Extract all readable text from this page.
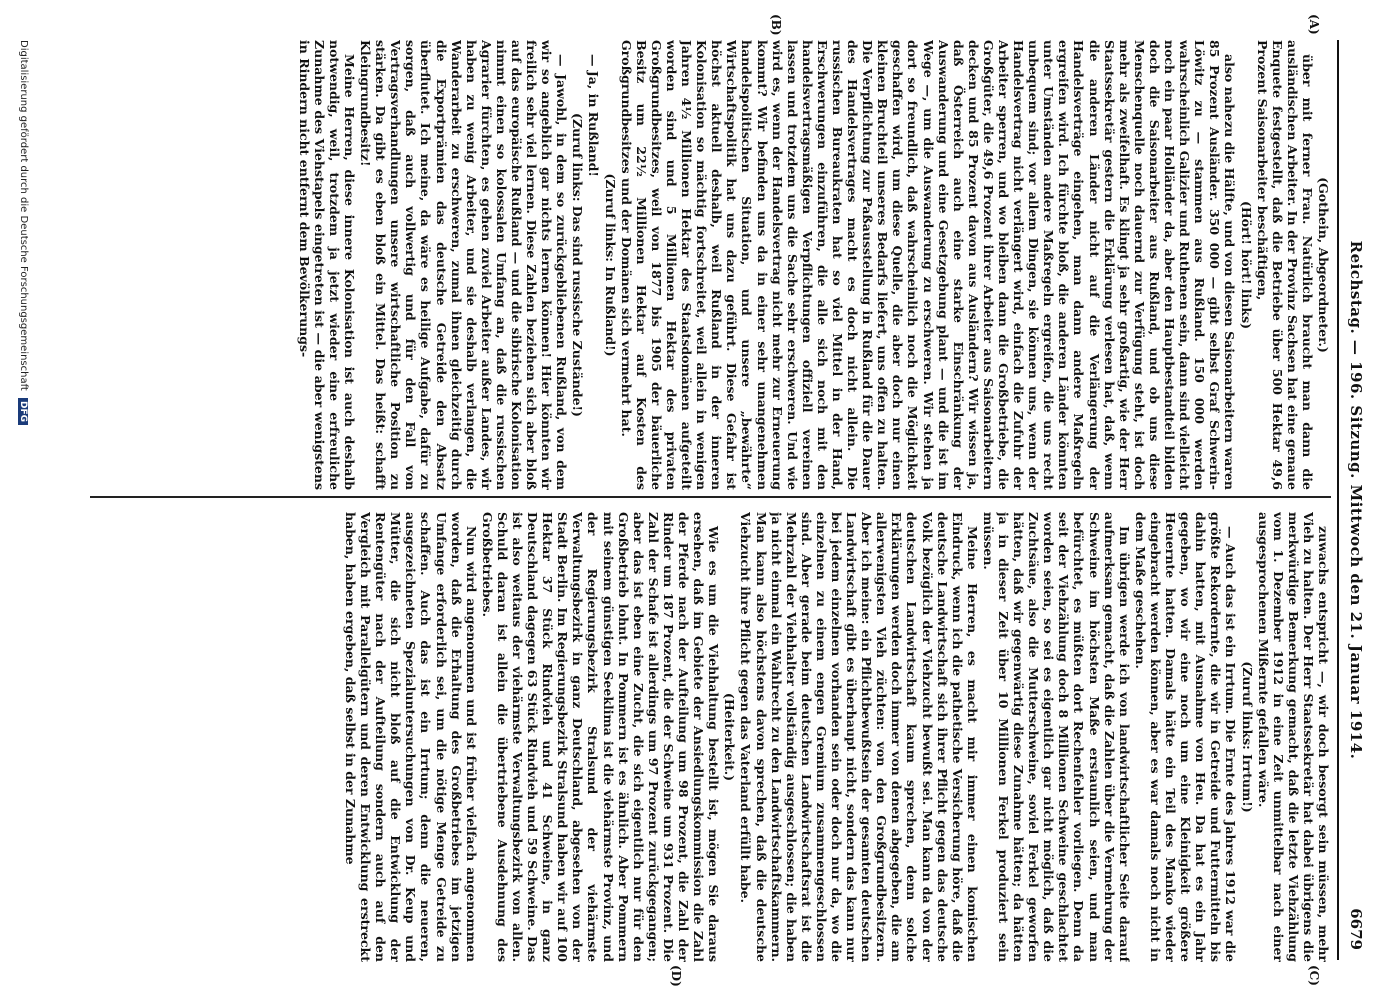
Reichstag. — 196. Sitzung. Mittwoch den 21. Januar 1914.
6679
(A)
(B)
(C)
(D)

(Gothein, Abgeordneter.)

über mit ferner Frau. Natürlich braucht man dann die ausländischen Arbeiter. In der Provinz Sachsen hat eine genaue Enquete festgestellt, daß die Betriebe über 500 Hektar 49,6 Prozent Saisonarbeiter beschäftigen,

(Hört! hört! links)

also nahezu die Hälfte, und von diesen Saisonarbeitern waren 85 Prozent Ausländer. 350 000 — gibt selbst Graf Schwerin-Löwitz zu — stammen aus Rußland. 150 000 werden wahrscheinlich Galizier und Ruthenen sein, dann sind vielleicht noch ein paar Holländer da, aber den Hauptbestandteil bilden doch die Saisonarbeiter aus Rußland, und ob uns diese Menschenquelle noch dauernd zur Verfügung steht, ist doch mehr als zweifelhaft. Es klingt ja sehr großartig, wie der Herr Staatssekretär gestern die Erklärung verlesen hat, daß, wenn die anderen Länder nicht auf die Verlängerung der Handelsverträge eingehen, man dann andere Maßregeln ergreifen wird. Ich fürchte bloß, die anderen Länder könnten unter Umständen andere Maßregeln ergreifen, die uns recht unbequem sind; vor allem Dingen, sie können uns, wenn der Handelsvertrag nicht verlängert wird, einfach die Zufuhr der Arbeiter sperren, und wo bleiben dann die Großbetriebe, die Großgüter, die 49,6 Prozent ihrer Arbeiter aus Saisonarbeitern decken und 85 Prozent davon aus Ausländern? Wir wissen ja, daß Österreich auch eine starke Einschränkung der Auswanderung und eine Gesetzgebung plant — und die ist im Wege —, um die Auswanderung zu erschweren. Wir stehen ja dort so freundlich, daß wahrscheinlich noch die Möglichkeit geschaffen wird, um diese Quelle, die aber doch nur einen kleinen Bruchteil unseres Bedarfs liefert, uns offen zu halten. Die Verpflichtung zur Paßausstellung in Rußland für die Dauer des Handelsvertrages macht es doch nicht allein. Die russischen Bureaukraten hat so viel Mittel in der Hand, Erschwerungen einzuführen, die alle sich noch mit den handelsvertragsmäßigen Verpflichtungen offiziell vereinen lassen und trotzdem uns die Sache sehr erschweren. Und wie wird es, wenn der Handelsvertrag nicht mehr zur Erneuerung kommt? Wir befinden uns da in einer sehr unangenehmen handelspolitischen Situation, und unsere „bewährte“ Wirtschaftspolitik hat uns dazu geführt. Diese Gefahr ist höchst aktuell deshalb, weil Rußland in der inneren Kolonisation so mächtig fortschreitet, weil allein in wenigen Jahren 4½ Millionen Hektar des Staatsdomänen aufgeteilt worden sind und 5 Millionen Hektar des privaten Großgrundbesitzes, weil von 1877 bis 1905 der bäuerliche Besitz um 22½ Millionen Hektar auf Kosten des Großgrundbesitzes und der Domänen sich vermehrt hat.

(Zuruf links: In Rußland!)

— Ja, in Rußland!

(Zuruf links: Das sind russische Zustände!)

— Jawohl, in dem so zurückgebliebenen Rußland, von dem wir so angeblich gar nichts lernen können! Hier könnten wir freilich sehr viel lernen. Diese Zahlen beziehen sich aber bloß auf das europäische Rußland — und die sibirische Kolonisation nimmt einen so kolossalen Umfang an, daß die russischen Agrarier fürchten, es gehen zuviel Arbeiter außer Landes, wir haben zu wenig Arbeiter, und sie deshalb verlangen, die Wanderarbeit zu erschweren, zumal ihnen gleichzeitig durch die Exportprämien das deutsche Getreide den Absatz überflutet. Ich meine, da wäre es heilige Aufgabe, dafür zu sorgen, daß auch vollwertig und für den Fall von Vertragsverhandlungen unsere wirtschaftliche Position zu stärken. Da gibt es eben bloß ein Mittel. Das heißt: schafft Kleingrundbesitz!

Meine Herren, diese innere Kolonisation ist auch deshalb notwendig, weil, trotzdem ja jetzt wieder eine erfreuliche Zunahme des Viehstapels eingetreten ist — die aber wenigstens in Rindern nicht entfernt dem Bevölkerungs-

zuwachs entspricht —, wir doch besorgt sein müssen, mehr Vieh zu halten. Der Herr Staatssekretär hat dabei übrigens die merkwürdige Bemerkung gemacht, daß die letzte Viehzählung vom 1. Dezember 1912 in eine Zeit unmittelbar nach einer ausgesprochenen Mißernte gefallen wäre.

(Zuruf links: Irrtum!)

— Auch das ist ein Irrtum. Die Ernte des Jahres 1912 war die größte Rekordernte, die wir in Getreide und Futtermitteln bis dahin hatten, mit Ausnahme von Heu. Da hat es ein Jahr gegeben, wo wir eine noch um eine Kleinigkeit größere Heuernte hatten. Damals hätte ein Teil des Manko wieder eingebracht werden können, aber es war damals noch nicht in dem Maße geschehen.

Im übrigen werde ich von landwirtschaftlicher Seite darauf aufmerksam gemacht, daß die Zahlen über die Vermehrung der Schweine im höchsten Maße erstaunlich seien, und man befürchtet, es müßten dort Rechenfehler vorliegen. Denn da seit der Viehzählung doch 8 Millionen Schweine geschlachtet worden seien, so sei es eigentlich gar nicht möglich, daß die Zuchtsäue, also die Mutterschweine, soviel Ferkel geworfen hätten, daß wir gegenwärtig diese Zunahme hätten; da hätten ja in dieser Zeit über 10 Millionen Ferkel produziert sein müssen.

Meine Herren, es macht mir immer einen komischen Eindruck, wenn ich die pathetische Versicherung höre, daß die deutsche Landwirtschaft sich ihrer Pflicht gegen das deutsche Volk bezüglich der Viehzucht bewußt sei. Man kann da von der deutschen Landwirtschaft kaum sprechen, denn solche Erklärungen werden doch immer von denen abgegeben, die am allerwenigsten Vieh züchten: von den Großgrundbesitzern. Aber ich meine: ein Pflichtbewußtsein der gesamten deutschen Landwirtschaft gibt es überhaupt nicht, sondern das kann nur bei jedem einzelnen vorhanden sein oder doch nur da, wo die einzelnen zu einem engen Gremium zusammengeschlossen sind. Aber gerade beim deutschen Landwirtschaftsrat ist die Mehrzahl der Viehhalter vollständig ausgeschlossen; die haben ja nicht einmal ein Wahlrecht zu den Landwirtschaftskammern. Man kann also höchstens davon sprechen, daß die deutsche Viehzucht ihre Pflicht gegen das Vaterland erfüllt habe.

(Heiterkeit.)

Wie es um die Viehhaltung bestellt ist, mögen Sie daraus ersehen, daß im Gebiete der Ansiedlungskommission die Zahl der Pferde nach der Aufteilung um 98 Prozent, die Zahl der Rinder um 187 Prozent, die der Schweine um 931 Prozent. Die Zahl der Schafe ist allerdings um 97 Prozent zurückgegangen; aber das ist eben eine Zucht, die sich eigentlich nur für den Großbetrieb lohnt. In Pommern ist es ähnlich. Aber Pommern mit seinem günstigen Seeklima ist die viehärmste Provinz, und der Regierungsbezirk Stralsund der viehärmste Verwaltungsbezirk in ganz Deutschland, abgesehen von der Stadt Berlin. Im Regierungsbezirk Stralsund haben wir auf 100 Hektar 37 Stück Rindvieh und 41 Schweine, in ganz Deutschland dagegen 63 Stück Rindvieh und 59 Schweine. Das ist also weitaus der viehärmste Verwaltungsbezirk von allen. Schuld daran ist allein die übertriebene Ausdehnung des Großbetriebes.

Nun wird angenommen und ist früher vielfach angenommen worden, daß die Erhaltung des Großbetriebes im jetzigen Umfange erforderlich sei, um die nötige Menge Getreide zu schaffen. Auch das ist ein Irrtum; denn die neueren, ausgezeichneten Spezialuntersuchungen von Dr. Keup und Mütter, die sich nicht bloß auf die Entwicklung der Rentengüter nach der Aufteilung sondern auch auf den Vergleich mit Parallelgütern und deren Entwicklung erstreckt haben, haben ergeben, daß selbst in der Zunahme

Digitalisierung gefördert durch die Deutsche Forschungsgemeinschaft DFG
